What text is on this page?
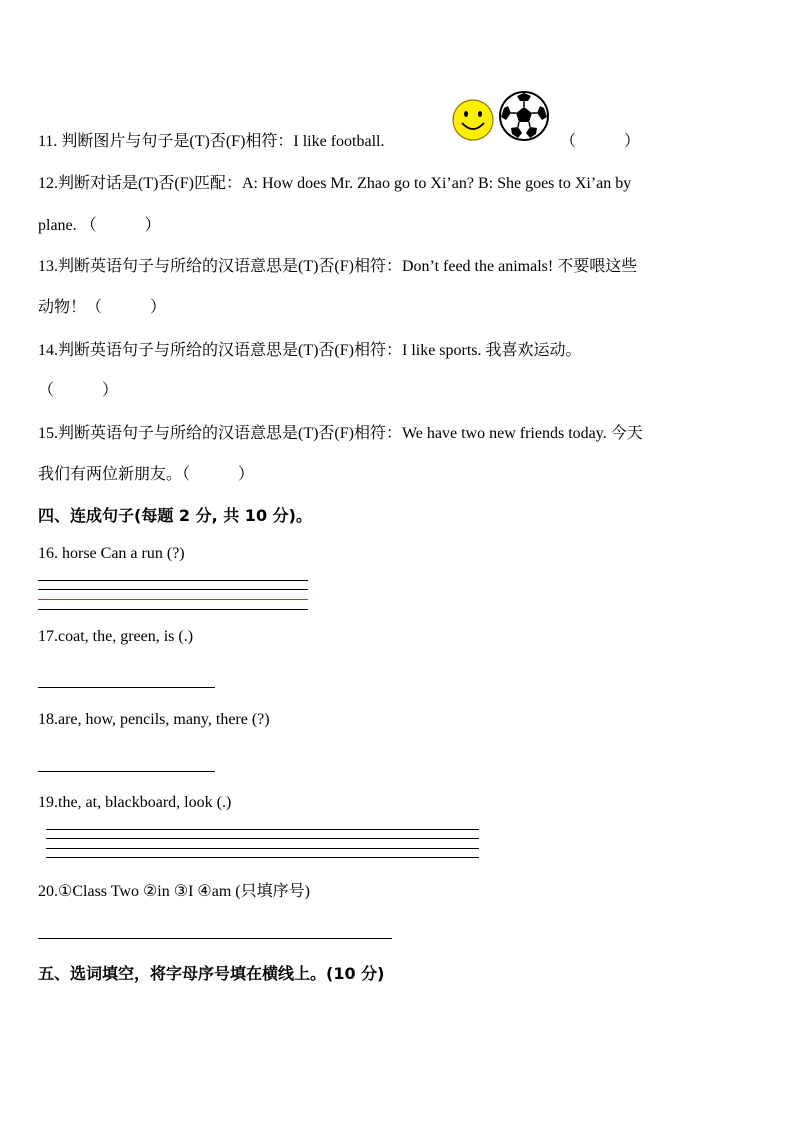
11. 判断图片与句子是(T)否(F)相符：I like football.	（　　　）
12.判断对话是(T)否(F)匹配：A: How does Mr. Zhao go to Xi’an? B: She goes to Xi’an by
plane. （　　　）
13.判断英语句子与所给的汉语意思是(T)否(F)相符：Don’t feed the animals! 不要喂这些
动物！（　　　）
14.判断英语句子与所给的汉语意思是(T)否(F)相符：I like sports. 我喜欢运动。
（　　　）
15.判断英语句子与所给的汉语意思是(T)否(F)相符：We have two new friends today. 今天
我们有两位新朋友。（　　　）
四、连成句子(每题 2 分, 共 10 分)。
16. horse Can a run (?)
17.coat, the, green, is (.)
18.are, how, pencils, many, there (?)
19.the, at, blackboard, look (.)
20.①Class Two ②in ③I ④am (只填序号)
五、选词填空，将字母序号填在横线上。(10 分)
